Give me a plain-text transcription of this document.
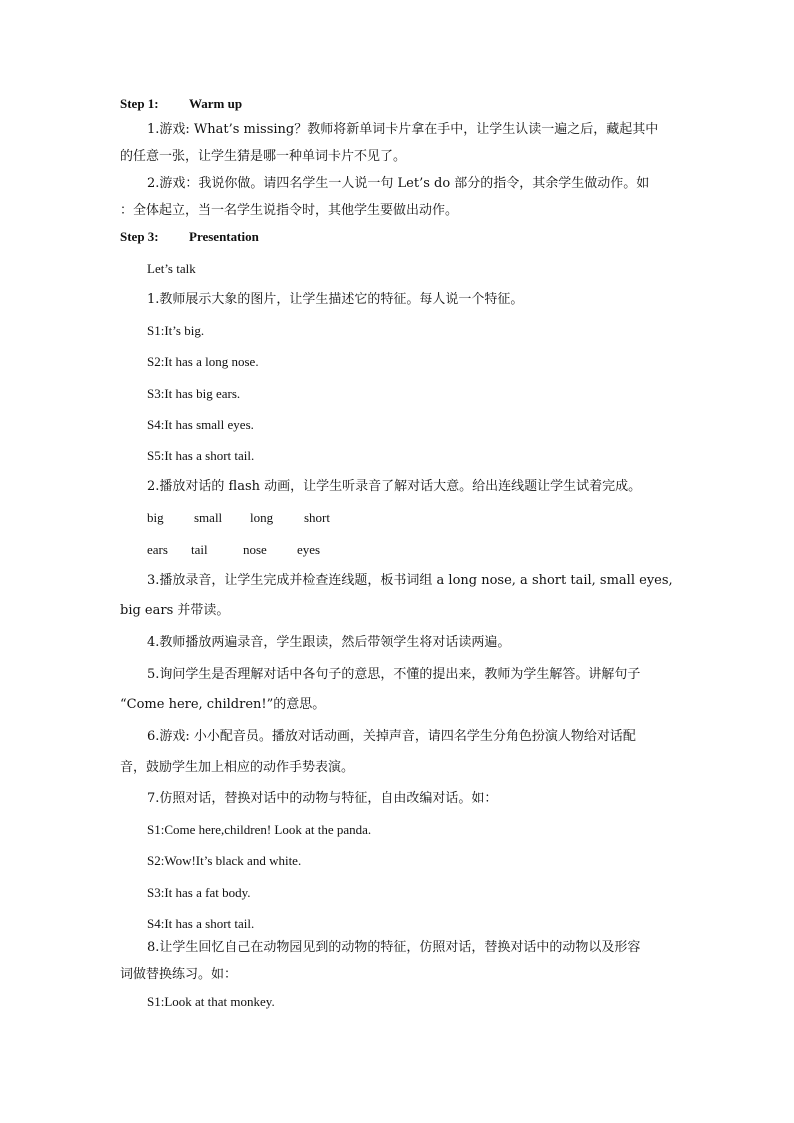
Step 1: Warm up
1.游戏: What’s missing？教师将新单词卡片拿在手中，让学生认读一遍之后，藏起其中
的任意一张，让学生猜是哪一种单词卡片不见了。
2.游戏：我说你做。请四名学生一人说一句 Let’s do 部分的指令，其余学生做动作。如
：全体起立，当一名学生说指令时，其他学生要做出动作。
Step 3: Presentation
Let’s talk
1.教师展示大象的图片，让学生描述它的特征。每人说一个特征。
S1:It’s big.
S2:It has a long nose.
S3:It has big ears.
S4:It has small eyes.
S5:It has a short tail.
2.播放对话的 flash 动画，让学生听录音了解对话大意。给出连线题让学生试着完成。
big small long short
ears tail	nose eyes
3.播放录音，让学生完成并检查连线题，板书词组 a long nose, a short tail, small eyes,
big ears 并带读。
4.教师播放两遍录音，学生跟读，然后带领学生将对话读两遍。
5.询问学生是否理解对话中各句子的意思，不懂的提出来，教师为学生解答。讲解句子
“Come here, children!”的意思。
6.游戏: 小小配音员。播放对话动画，关掉声音，请四名学生分角色扮演人物给对话配
音，鼓励学生加上相应的动作手势表演。
7.仿照对话，替换对话中的动物与特征，自由改编对话。如：
S1:Come here,children! Look at the panda.
S2:Wow!It’s black and white.
S3:It has a fat body.
S4:It has a short tail.
8.让学生回忆自己在动物园见到的动物的特征，仿照对话，替换对话中的动物以及形容
词做替换练习。如：
S1:Look at that monkey.
